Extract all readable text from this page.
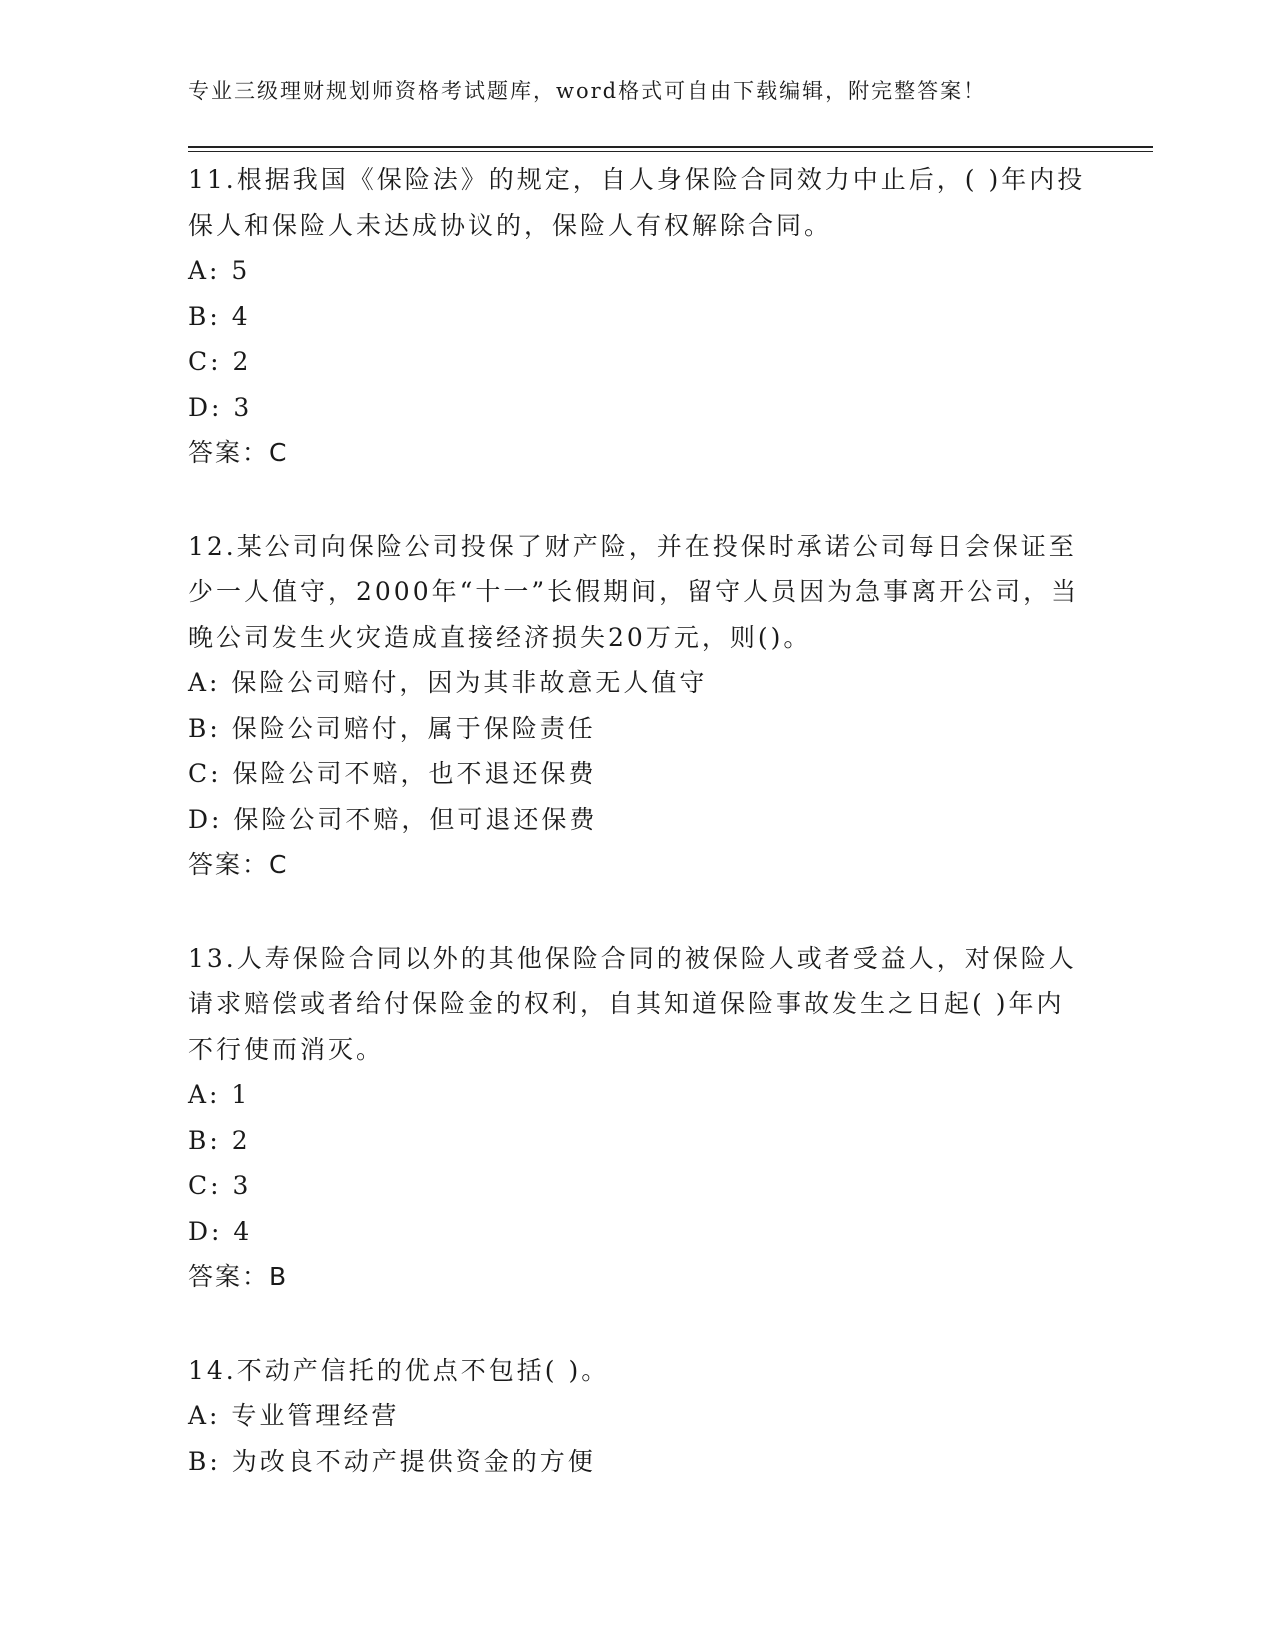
专业三级理财规划师资格考试题库，word格式可自由下载编辑，附完整答案！

11.根据我国《保险法》的规定，自人身保险合同效力中止后，( )年内投保人和保险人未达成协议的，保险人有权解除合同。

A: 5

B: 4

C: 2

D: 3

答案：C

12.某公司向保险公司投保了财产险，并在投保时承诺公司每日会保证至少一人值守，2000年“十一”长假期间，留守人员因为急事离开公司，当晚公司发生火灾造成直接经济损失20万元，则()。

A: 保险公司赔付，因为其非故意无人值守

B: 保险公司赔付，属于保险责任

C: 保险公司不赔，也不退还保费

D: 保险公司不赔，但可退还保费

答案：C

13.人寿保险合同以外的其他保险合同的被保险人或者受益人，对保险人请求赔偿或者给付保险金的权利，自其知道保险事故发生之日起( )年内不行使而消灭。

A: 1

B: 2

C: 3

D: 4

答案：B

14.不动产信托的优点不包括( )。

A: 专业管理经营

B: 为改良不动产提供资金的方便
